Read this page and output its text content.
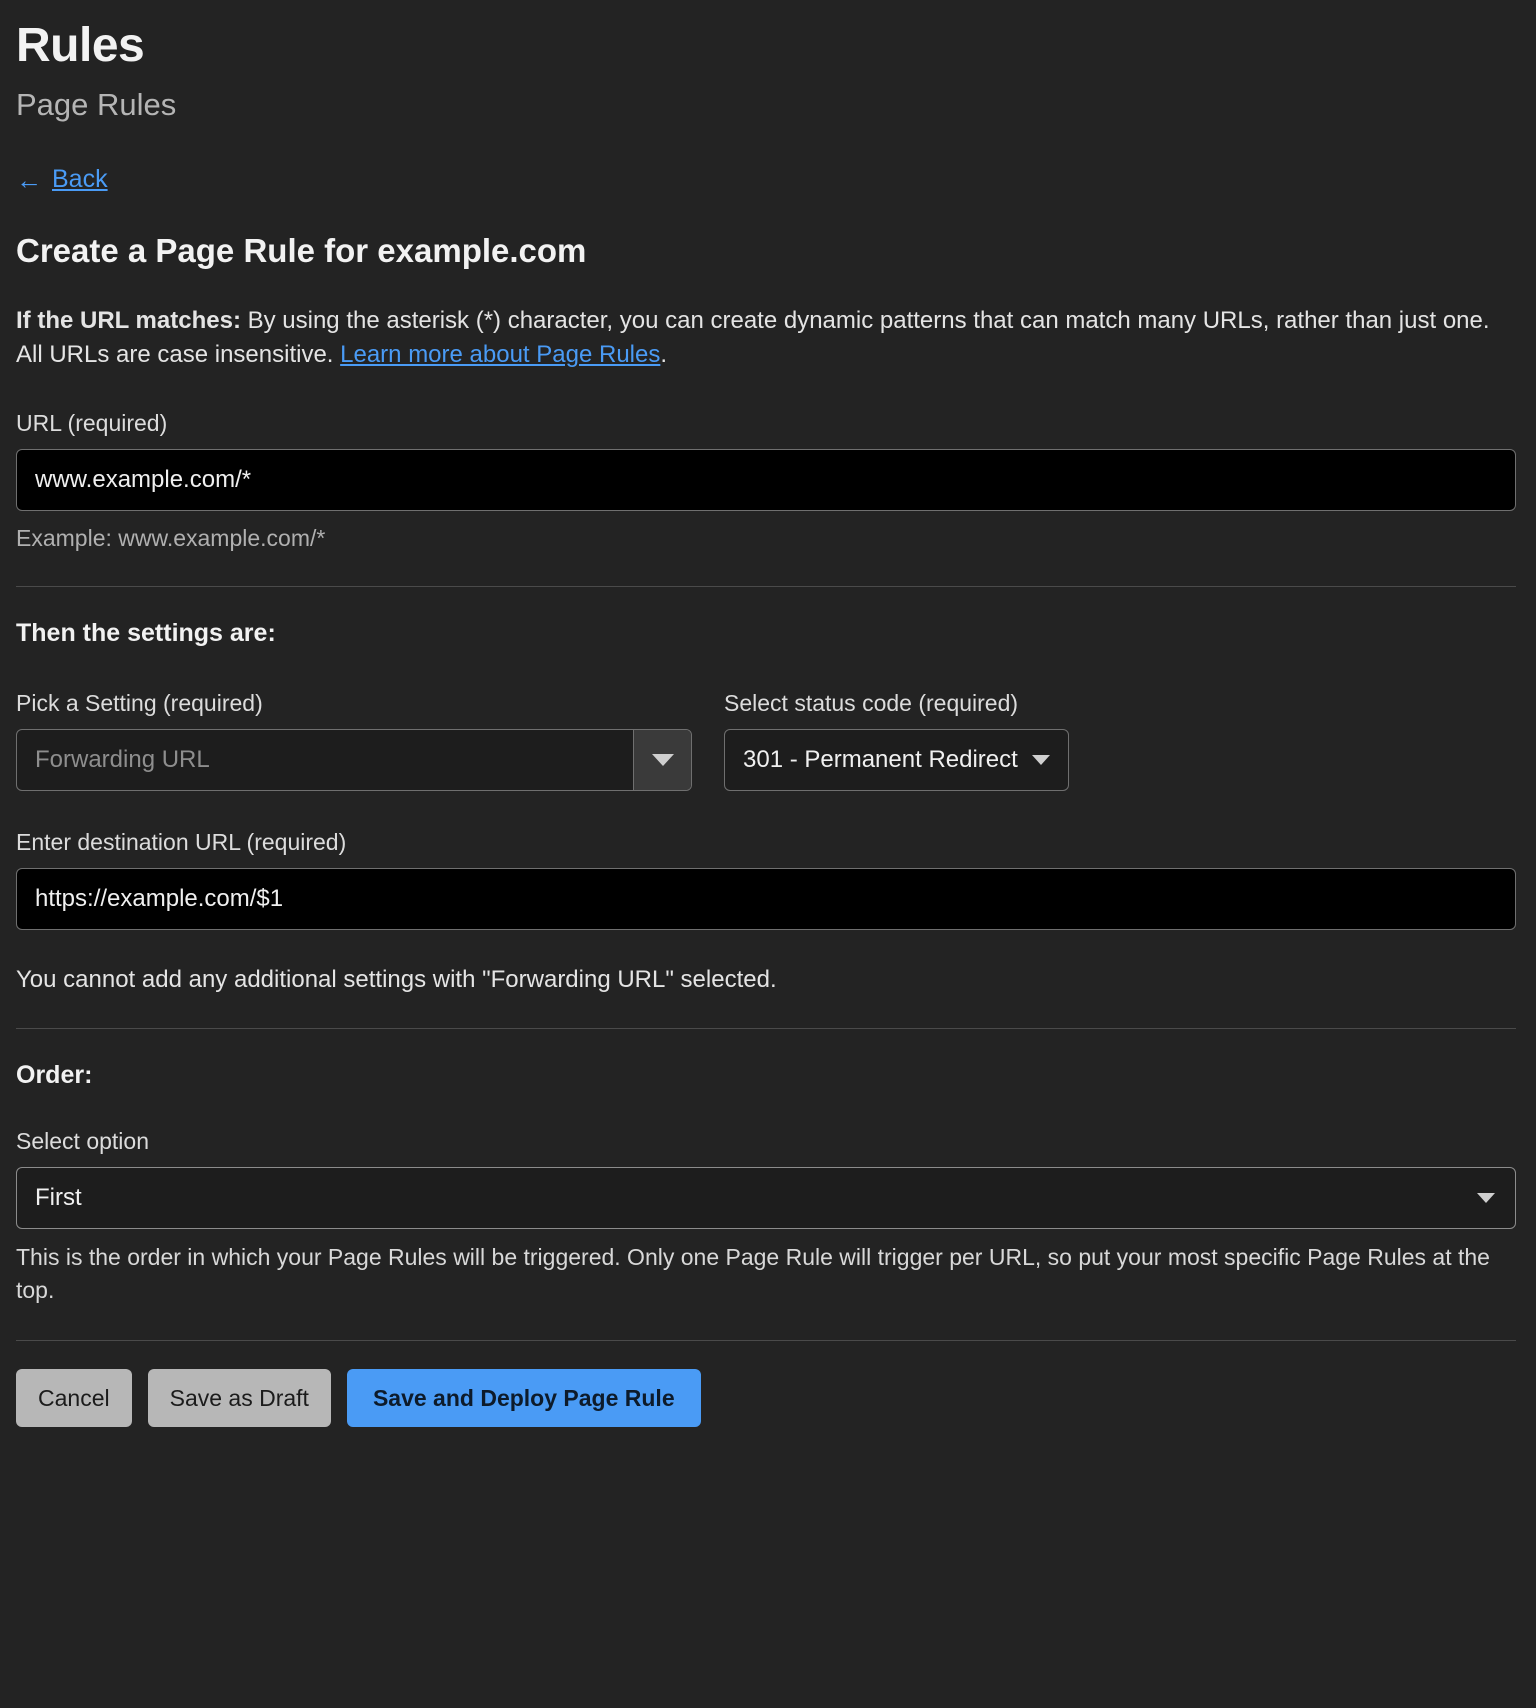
Rules
Page Rules
← Back
Create a Page Rule for example.com

If the URL matches: By using the asterisk (*) character, you can create dynamic patterns that can match many URLs, rather than just one. All URLs are case insensitive. Learn more about Page Rules.

URL (required)
www.example.com/*
Example: www.example.com/*
Then the settings are:
Pick a Setting (required)
Forwarding URL
Select status code (required)
301 - Permanent Redirect
Enter destination URL (required)
https://example.com/$1

You cannot add any additional settings with "Forwarding URL" selected.

Order:
Select option
First

This is the order in which your Page Rules will be triggered. Only one Page Rule will trigger per URL, so put your most specific Page Rules at the top.

Cancel	Save as Draft	Save and Deploy Page Rule
